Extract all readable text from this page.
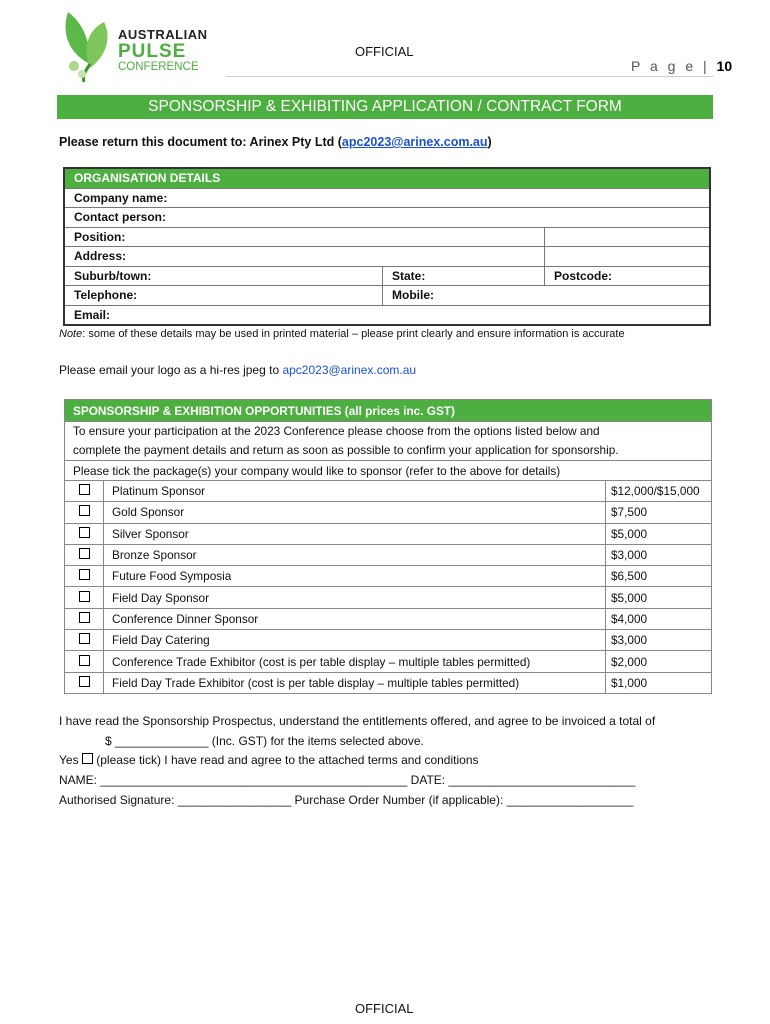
AUSTRALIAN
PULSE
CONFERENCE
OFFICIAL
P a g e | 10
SPONSORSHIP & EXHIBITING APPLICATION / CONTRACT FORM
Please return this document to: Arinex Pty Ltd (apc2023@arinex.com.au)
ORGANISATION DETAILS		
Company name:		
Contact person:		
Position:		
Address:		
Suburb/town:	State:	Postcode:
Telephone:	Mobile:	
Email:		
Note: some of these details may be used in printed material – please print clearly and ensure information is accurate
Please email your logo as a hi-res jpeg to apc2023@arinex.com.au
SPONSORSHIP & EXHIBITION OPPORTUNITIES (all prices inc. GST)		
To ensure your participation at the 2023 Conference please choose from the options listed below and
complete the payment details and return as soon as possible to confirm your application for sponsorship.		
Please tick the package(s) your company would like to sponsor (refer to the above for details)		
	Platinum Sponsor	$12,000/$15,000
	Gold Sponsor	$7,500
	Silver Sponsor	$5,000
	Bronze Sponsor	$3,000
	Future Food Symposia	$6,500
	Field Day Sponsor	$5,000
	Conference Dinner Sponsor	$4,000
	Field Day Catering	$3,000
	Conference Trade Exhibitor (cost is per table display – multiple tables permitted)	$2,000
	Field Day Trade Exhibitor (cost is per table display – multiple tables permitted)	$1,000
I have read the Sponsorship Prospectus, understand the entitlements offered, and agree to be invoiced a total of
$ ______________ (Inc. GST) for the items selected above.
Yes  (please tick) I have read and agree to the attached terms and conditions
NAME: ______________________________________________ DATE: ____________________________
Authorised Signature: _________________ Purchase Order Number (if applicable): ___________________
OFFICIAL
